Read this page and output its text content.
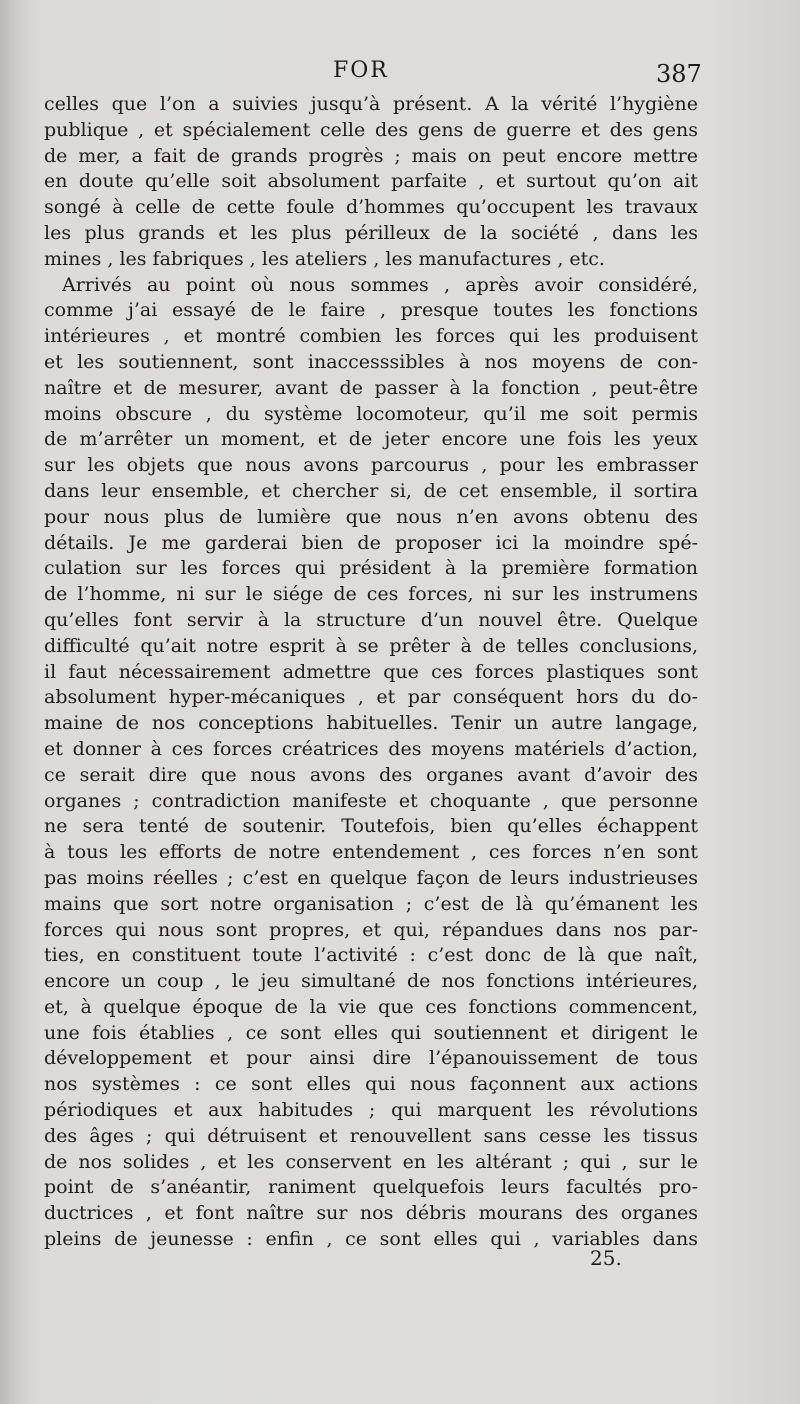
FOR	387
celles que l’on a suivies jusqu’à présent. A la vérité l’hygiène
publique , et spécialement celle des gens de guerre et des gens
de mer, a fait de grands progrès ; mais on peut encore mettre
en doute qu’elle soit absolument parfaite , et surtout qu’on ait
songé à celle de cette foule d’hommes qu’occupent les travaux
les plus grands et les plus périlleux de la société , dans les
mines , les fabriques , les ateliers , les manufactures , etc.
Arrivés au point où nous sommes , après avoir considéré,
comme j’ai essayé de le faire , presque toutes les fonctions
intérieures , et montré combien les forces qui les produisent
et les soutiennent, sont inaccesssibles à nos moyens de con-
naître et de mesurer, avant de passer à la fonction , peut-être
moins obscure , du système locomoteur, qu’il me soit permis
de m’arrêter un moment, et de jeter encore une fois les yeux
sur les objets que nous avons parcourus , pour les embrasser
dans leur ensemble, et chercher si, de cet ensemble, il sortira
pour nous plus de lumière que nous n’en avons obtenu des
détails. Je me garderai bien de proposer ici la moindre spé-
culation sur les forces qui président à la première formation
de l’homme, ni sur le siége de ces forces, ni sur les instrumens
qu’elles font servir à la structure d’un nouvel être. Quelque
difficulté qu’ait notre esprit à se prêter à de telles conclusions,
il faut nécessairement admettre que ces forces plastiques sont
absolument hyper-mécaniques , et par conséquent hors du do-
maine de nos conceptions habituelles. Tenir un autre langage,
et donner à ces forces créatrices des moyens matériels d’action,
ce serait dire que nous avons des organes avant d’avoir des
organes ; contradiction manifeste et choquante , que personne
ne sera tenté de soutenir. Toutefois, bien qu’elles échappent
à tous les efforts de notre entendement , ces forces n’en sont
pas moins réelles ; c’est en quelque façon de leurs industrieuses
mains que sort notre organisation ; c’est de là qu’émanent les
forces qui nous sont propres, et qui, répandues dans nos par-
ties, en constituent toute l’activité : c’est donc de là que naît,
encore un coup , le jeu simultané de nos fonctions intérieures,
et, à quelque époque de la vie que ces fonctions commencent,
une fois établies , ce sont elles qui soutiennent et dirigent le
développement et pour ainsi dire l’épanouissement de tous
nos systèmes : ce sont elles qui nous façonnent aux actions
périodiques et aux habitudes ; qui marquent les révolutions
des âges ; qui détruisent et renouvellent sans cesse les tissus
de nos solides , et les conservent en les altérant ; qui , sur le
point de s’anéantir, raniment quelquefois leurs facultés pro-
ductrices , et font naître sur nos débris mourans des organes
pleins de jeunesse : enfin , ce sont elles qui , variables dans
25.
